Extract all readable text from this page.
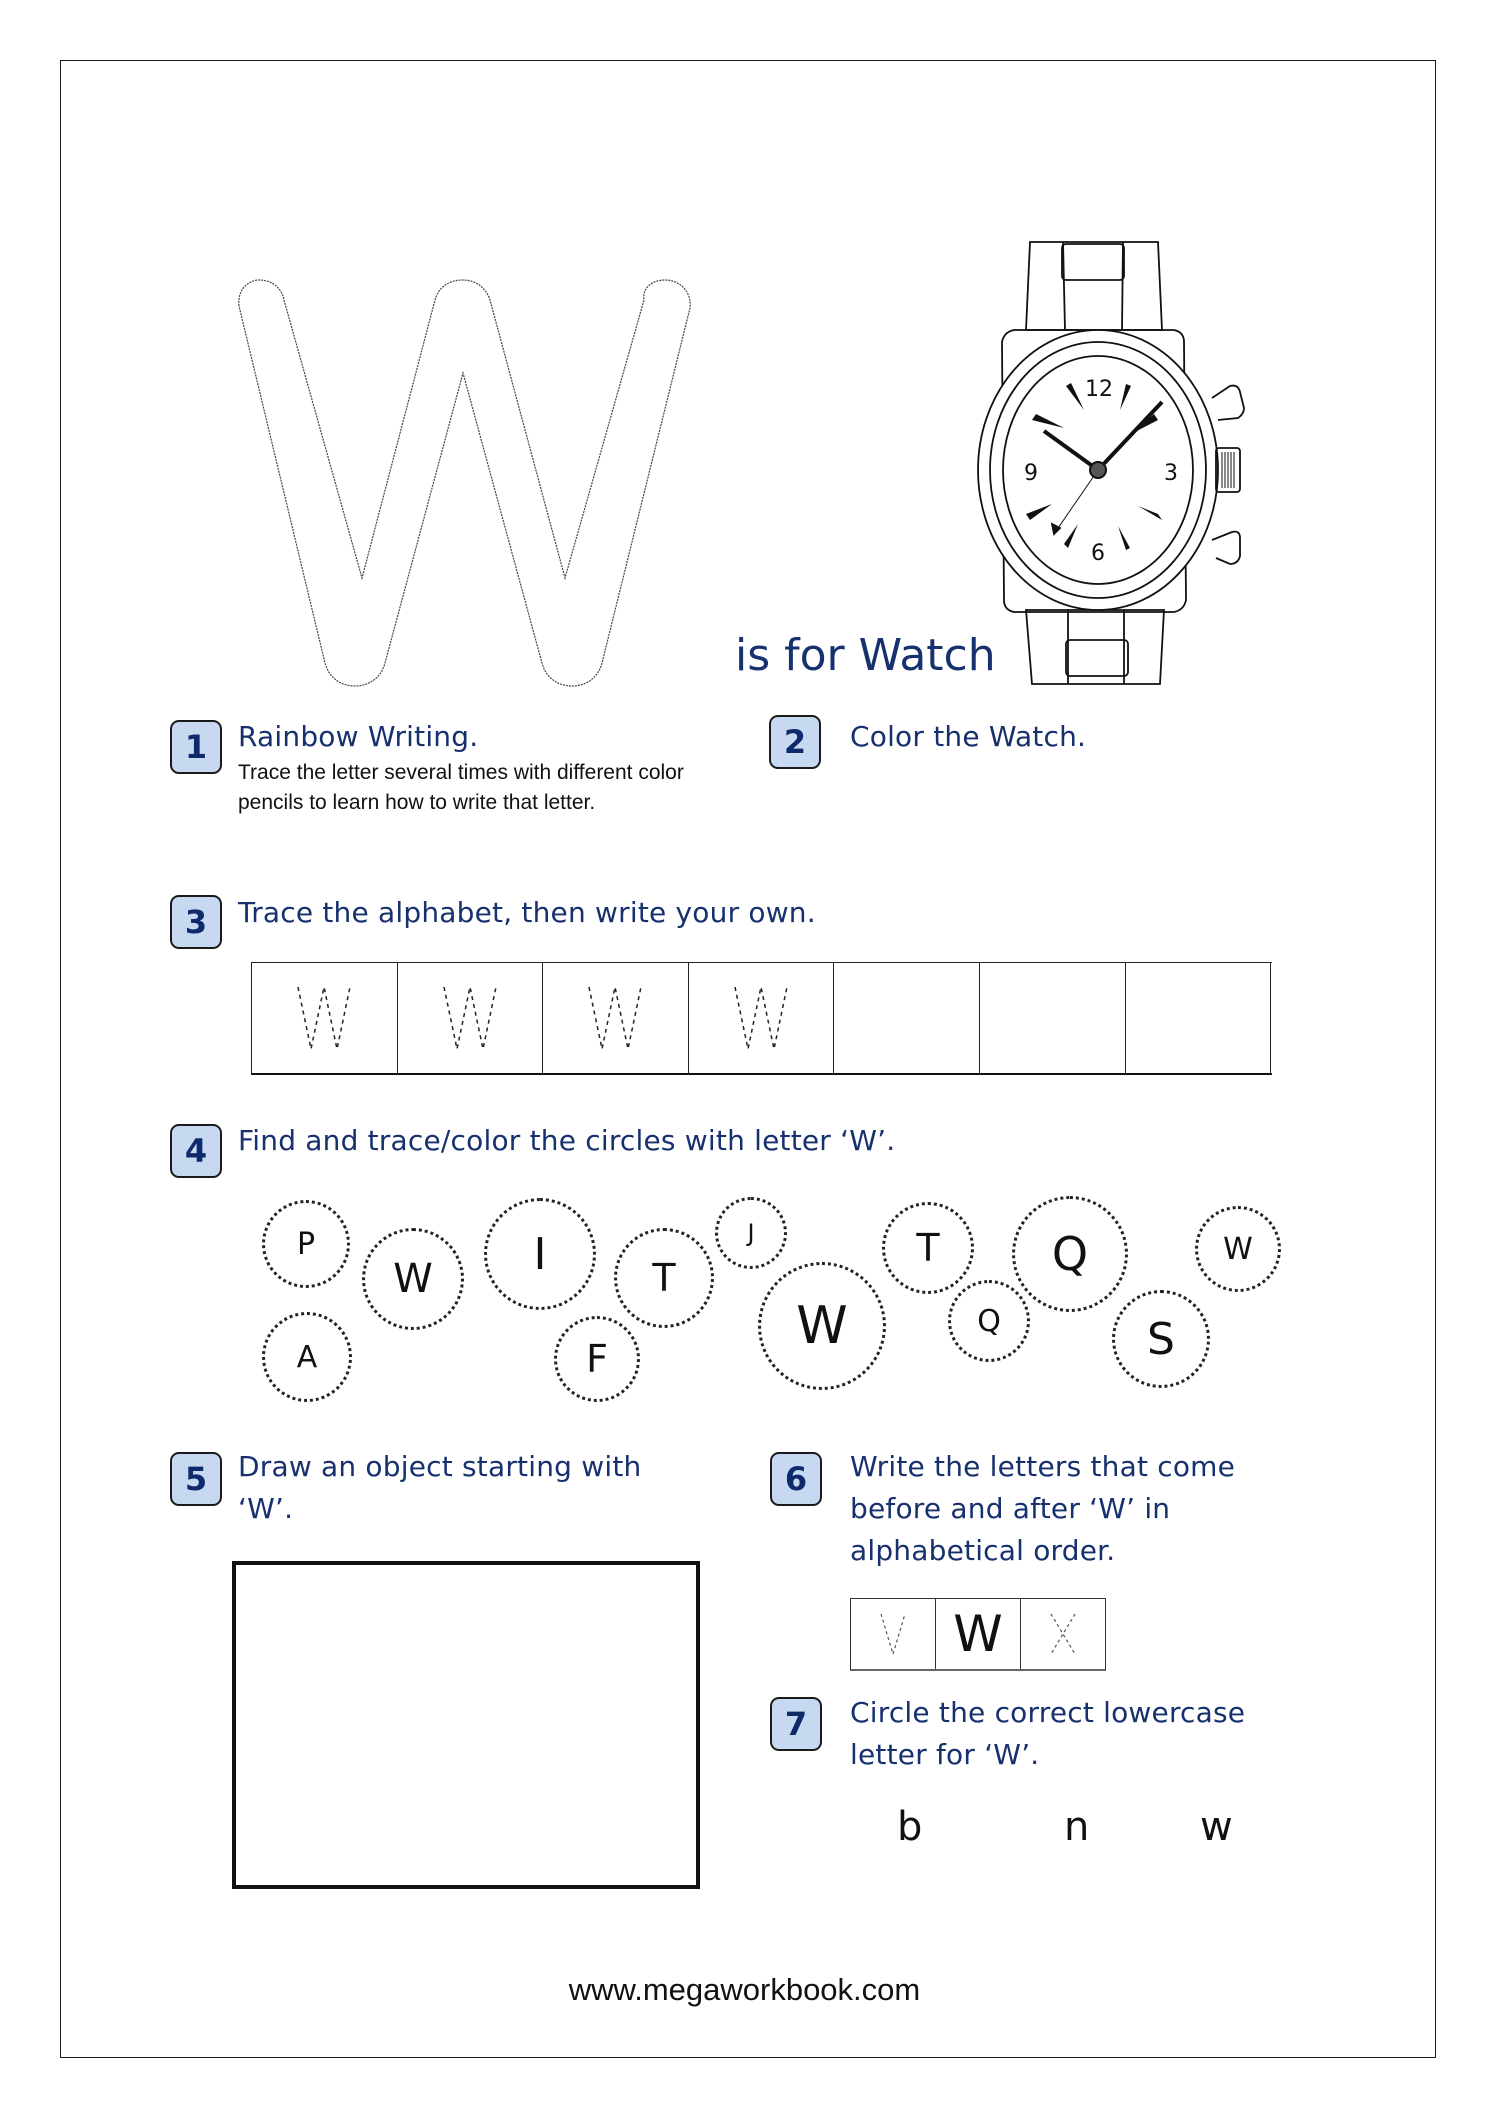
is for Watch
12
3
6
9
1	Rainbow Writing.
Trace the letter several times with different color pencils to learn how to write that letter.
2	Color the Watch.
3	Trace the alphabet, then write your own.
4	Find and trace/color the circles with letter ‘W’.
P
A
W I	T
F
J
W
T
Q
Q
S
W
5	Draw an object starting with ‘W’.
6	Write the letters that come before and after ‘W’ in alphabetical order.
W
7	Circle the correct lowercase letter for ‘W’.
b	n	w
www.megaworkbook.com
